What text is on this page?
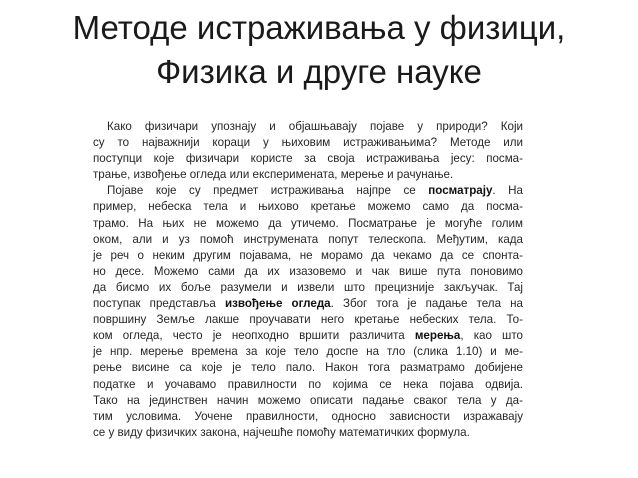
Методе истраживања у физици,
Физика и друге науке
Како физичари упознају и објашњавају појаве у природи? Који
су то најважнији кораци у њиховим истраживањима? Методе или
поступци које физичари користе за своја истраживања јесу: посма-
трање, извођење огледа или експеримената, мерење и рачунање.
Појаве које су предмет истраживања најпре се посматрају. На
пример, небеска тела и њихово кретање можемо само да посма-
трамо. На њих не можемо да утичемо. Посматрање је могуће голим
оком, али и уз помоћ инструмената попут телескопа. Међутим, када
је реч о неким другим појавама, не морамо да чекамо да се спонта-
но десе. Можемо сами да их изазовемо и чак више пута поновимо
да бисмо их боље разумели и извели што прецизније закључак. Тај
поступак представља извођење огледа. Због тога је падање тела на
површину Земље лакше проучавати него кретање небеских тела. То-
ком огледа, често је неопходно вршити различита мерења, као што
је нпр. мерење времена за које тело доспе на тло (слика 1.10) и ме-
рење висине са које је тело пало. Након тога разматрамо добијене
податке и уочавамо правилности по којима се нека појава одвија.
Тако на јединствен начин можемо описати падање сваког тела у да-
тим условима. Уочене правилности, односно зависности изражавају
се у виду физичких закона, најчешће помоћу математичких формула.
